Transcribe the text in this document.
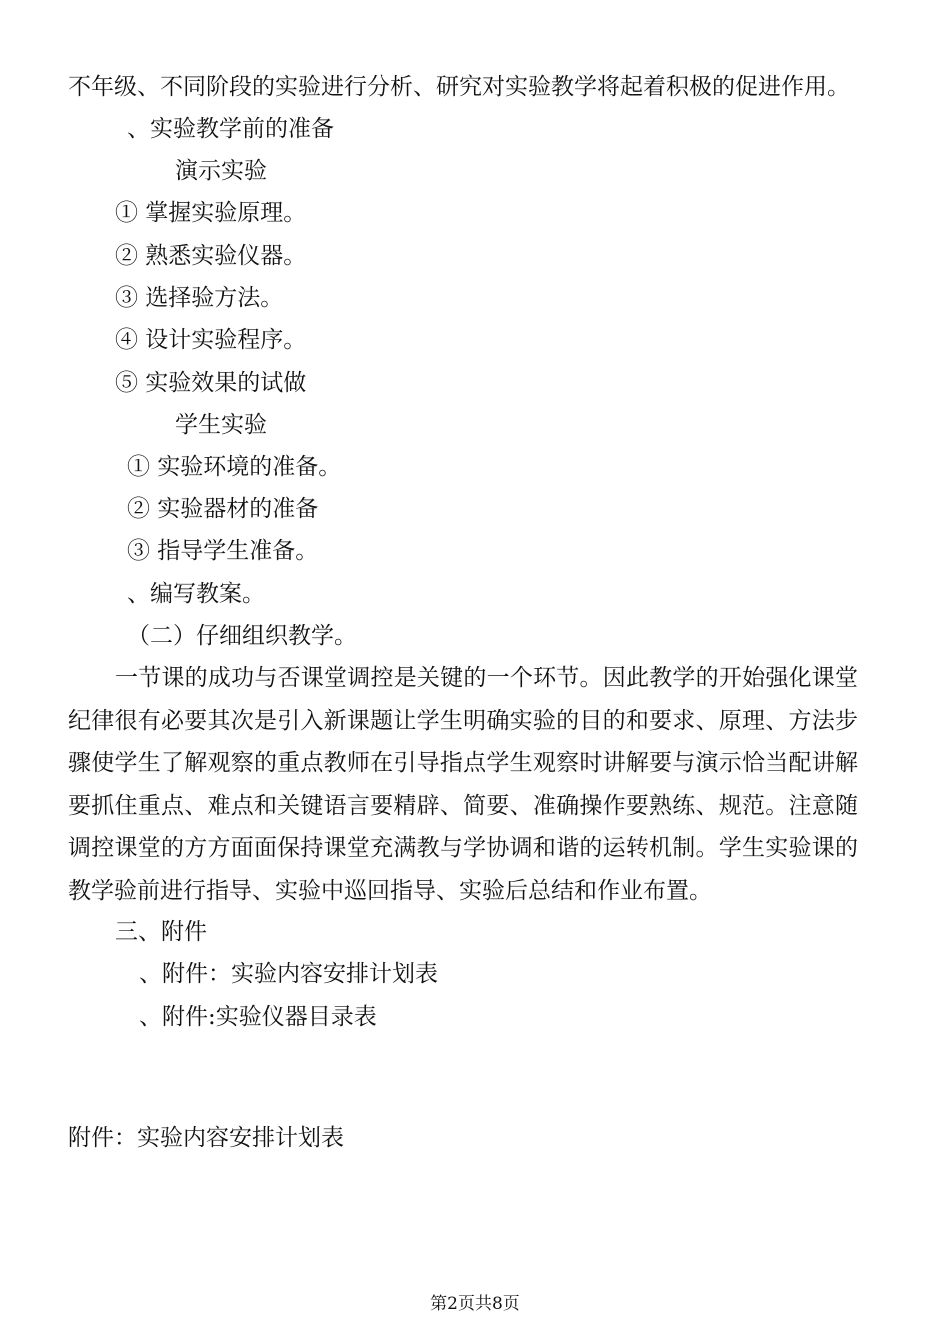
不年级、不同阶段的实验进行分析、研究对实验教学将起着积极的促进作用。
、实验教学前的准备
演示实验
① 掌握实验原理。
② 熟悉实验仪器。
③ 选择验方法。
④ 设计实验程序。
⑤ 实验效果的试做
学生实验
① 实验环境的准备。
② 实验器材的准备
③ 指导学生准备。
、编写教案。
（二）仔细组织教学。
一节课的成功与否课堂调控是关键的一个环节。因此教学的开始强化课堂纪律很有必要其次是引入新课题让学生明确实验的目的和要求、原理、方法步骤使学生了解观察的重点教师在引导指点学生观察时讲解要与演示恰当配讲解要抓住重点、难点和关键语言要精辟、简要、准确操作要熟练、规范。注意随调控课堂的方方面面保持课堂充满教与学协调和谐的运转机制。学生实验课的教学验前进行指导、实验中巡回指导、实验后总结和作业布置。
三、附件
、附件：实验内容安排计划表
、附件:实验仪器目录表
附件：实验内容安排计划表
第2页共8页
